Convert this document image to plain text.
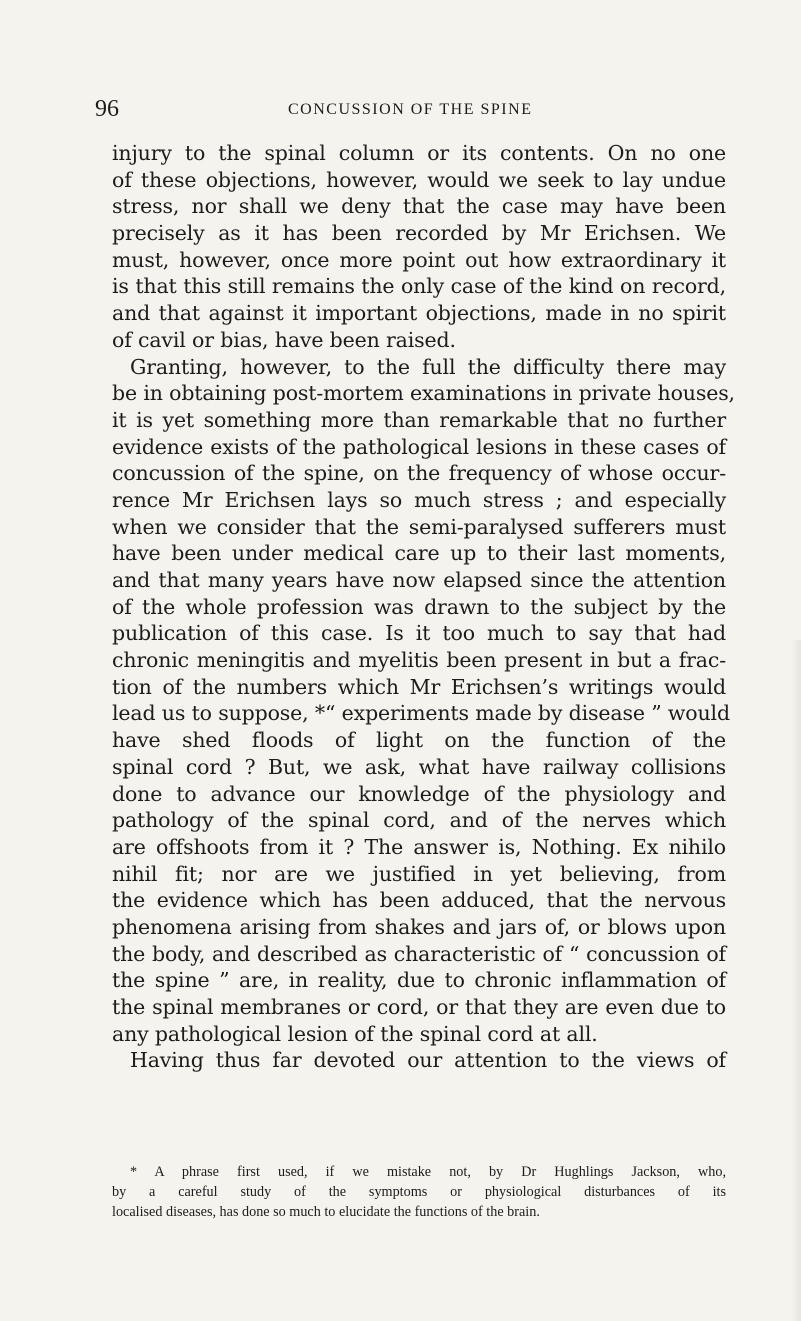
96	CONCUSSION OF THE SPINE
injury to the spinal column or its contents. On no one
of these objections, however, would we seek to lay undue
stress, nor shall we deny that the case may have been
precisely as it has been recorded by Mr Erichsen. We
must, however, once more point out how extraordinary it
is that this still remains the only case of the kind on record,
and that against it important objections, made in no spirit
of cavil or bias, have been raised.
Granting, however, to the full the difficulty there may
be in obtaining post-mortem examinations in private houses,
it is yet something more than remarkable that no further
evidence exists of the pathological lesions in these cases of
concussion of the spine, on the frequency of whose occur-
rence Mr Erichsen lays so much stress ; and especially
when we consider that the semi-paralysed sufferers must
have been under medical care up to their last moments,
and that many years have now elapsed since the attention
of the whole profession was drawn to the subject by the
publication of this case. Is it too much to say that had
chronic meningitis and myelitis been present in but a frac-
tion of the numbers which Mr Erichsen’s writings would
lead us to suppose, *“ experiments made by disease ” would
have shed floods of light on the function of the
spinal cord ? But, we ask, what have railway collisions
done to advance our knowledge of the physiology and
pathology of the spinal cord, and of the nerves which
are offshoots from it ? The answer is, Nothing. Ex nihilo
nihil fit; nor are we justified in yet believing, from
the evidence which has been adduced, that the nervous
phenomena arising from shakes and jars of, or blows upon
the body, and described as characteristic of “ concussion of
the spine ” are, in reality, due to chronic inflammation of
the spinal membranes or cord, or that they are even due to
any pathological lesion of the spinal cord at all.
Having thus far devoted our attention to the views of
* A phrase first used, if we mistake not, by Dr Hughlings Jackson, who,
by a careful study of the symptoms or physiological disturbances of its
localised diseases, has done so much to elucidate the functions of the brain.
